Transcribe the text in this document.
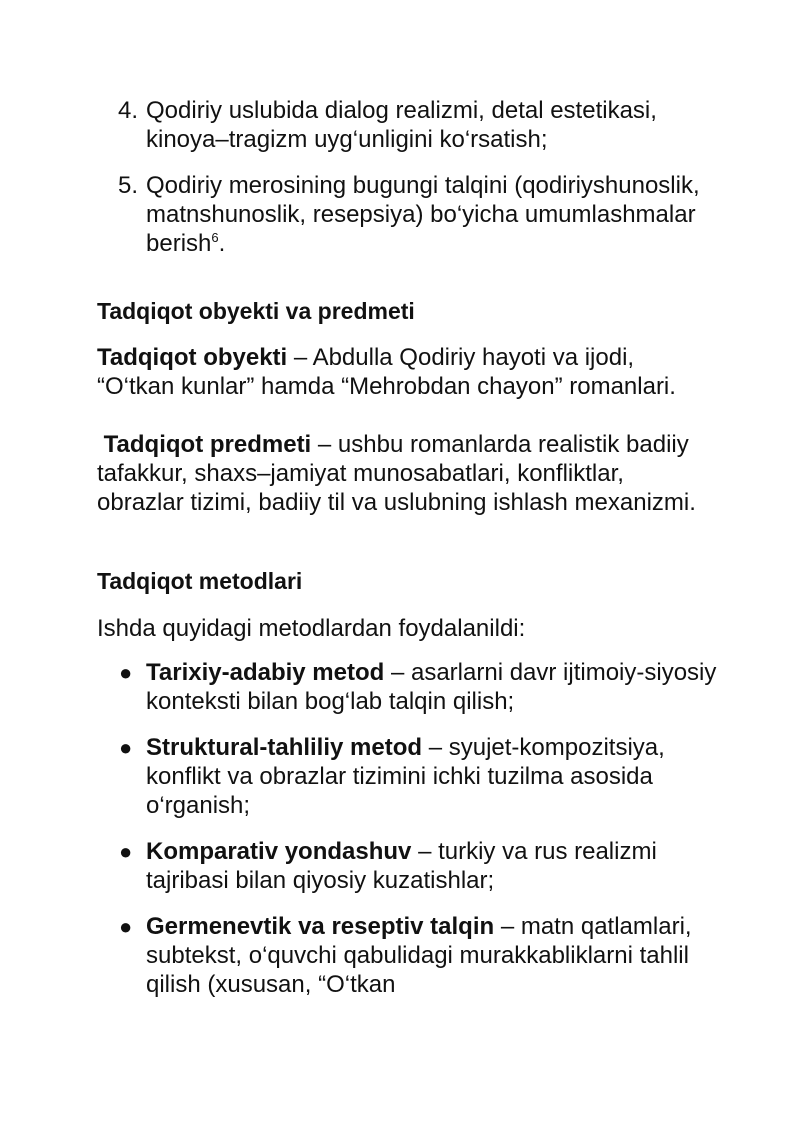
4. Qodiriy uslubida dialog realizmi, detal estetikasi, kinoya–tragizm uyg‘unligini ko‘rsatish;
5. Qodiriy merosining bugungi talqini (qodiriyshunoslik, matnshunoslik, resepsiya) bo‘yicha umumlashmalar berish$^6$.
Tadqiqot obyekti va predmeti
Tadqiqot obyekti – Abdulla Qodiriy hayoti va ijodi, “O‘tkan kunlar” hamda “Mehrobdan chayon” romanlari.
Tadqiqot predmeti – ushbu romanlarda realistik badiiy tafakkur, shaxs–jamiyat munosabatlari, konfliktlar, obrazlar tizimi, badiiy til va uslubning ishlash mexanizmi.
Tadqiqot metodlari
Ishda quyidagi metodlardan foydalanildi:
● Tarixiy-adabiy metod – asarlarni davr ijtimoiy-siyosiy konteksti bilan bog‘lab talqin qilish;
● Struktural-tahliliy metod – syujet-kompozitsiya, konflikt va obrazlar tizimini ichki tuzilma asosida o‘rganish;
● Komparativ yondashuv – turkiy va rus realizmi tajribasi bilan qiyosiy kuzatishlar;
● Germenevtik va reseptiv talqin – matn qatlamlari, subtekst, o‘quvchi qabulidagi murakkabliklarni tahlil qilish (xususan, “O‘tkan
